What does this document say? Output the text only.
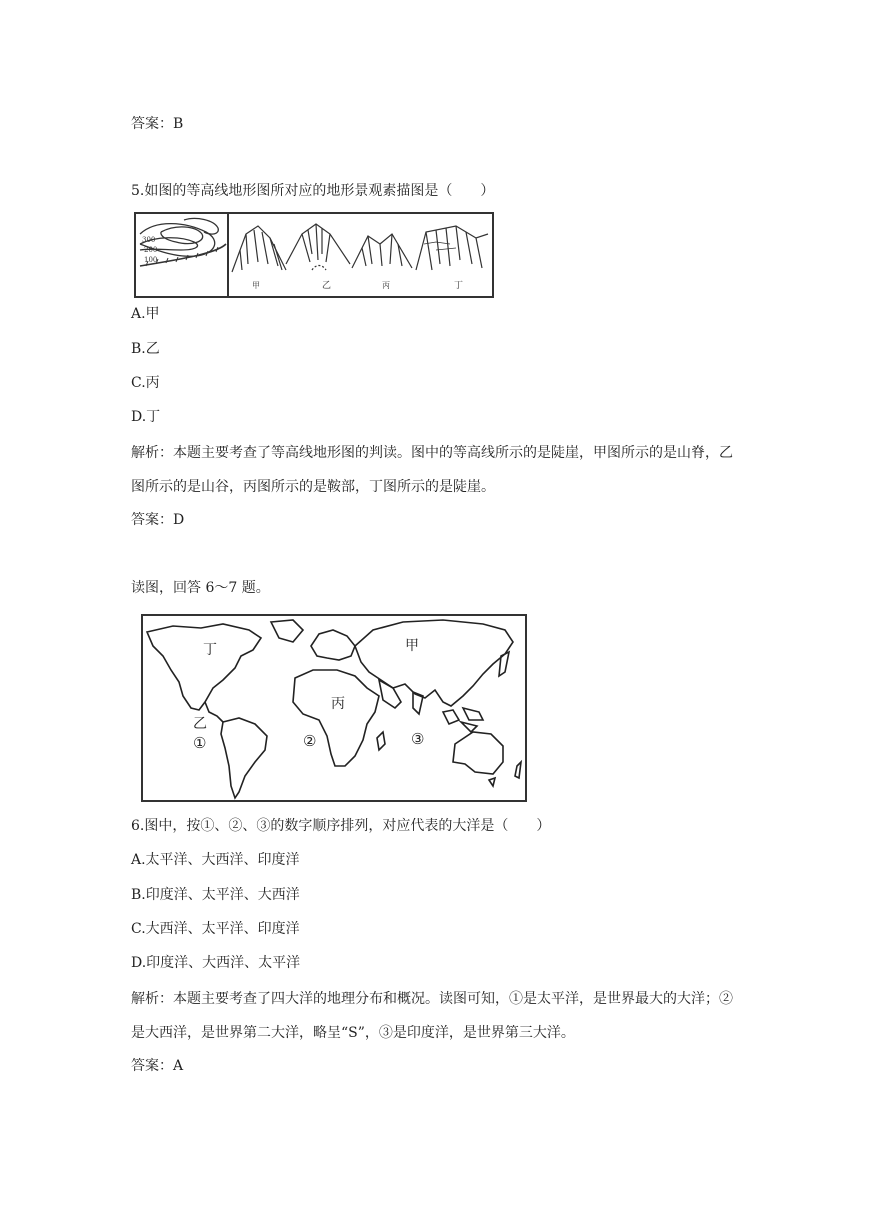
答案：B
5.如图的等高线地形图所对应的地形景观素描图是（　　）
300
200
100
甲	乙	丙	丁
A.甲
B.乙
C.丙
D.丁
解析：本题主要考查了等高线地形图的判读。图中的等高线所示的是陡崖，甲图所示的是山脊，乙图所示的是山谷，丙图所示的是鞍部，丁图所示的是陡崖。
答案：D
读图，回答 6～7 题。
丁	甲
丙
乙
①	②	③
6.图中，按①、②、③的数字顺序排列，对应代表的大洋是（　　）
A.太平洋、大西洋、印度洋
B.印度洋、太平洋、大西洋
C.大西洋、太平洋、印度洋
D.印度洋、大西洋、太平洋
解析：本题主要考查了四大洋的地理分布和概况。读图可知，①是太平洋，是世界最大的大洋；②是大西洋，是世界第二大洋，略呈“S”，③是印度洋，是世界第三大洋。
答案：A
